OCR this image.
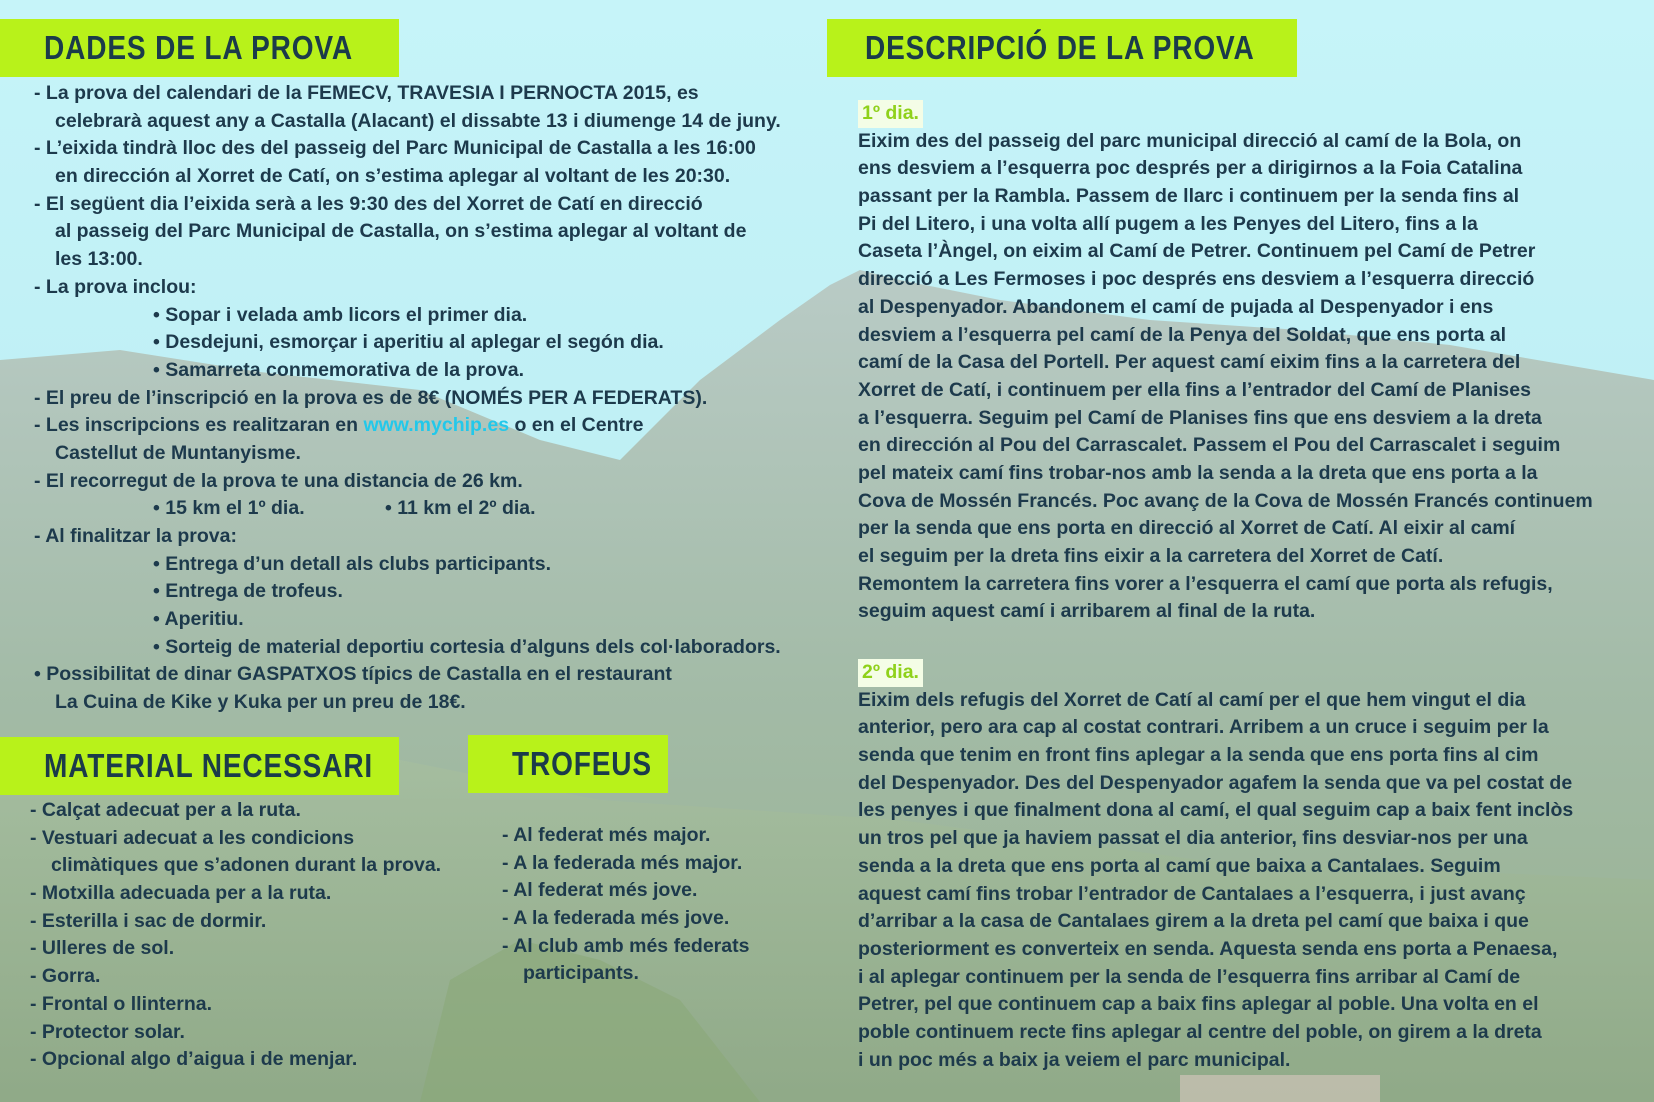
DADES DE LA PROVA
- La prova del calendari de la FEMECV, TRAVESIA I PERNOCTA 2015, es
celebrarà aquest any a Castalla (Alacant) el dissabte 13 i diumenge 14 de juny.
- L’eixida tindrà lloc des del passeig del Parc Municipal de Castalla a les 16:00
en dirección al Xorret de Catí, on s’estima aplegar al voltant de les 20:30.
- El següent dia l’eixida serà a les 9:30 des del Xorret de Catí en direcció
al passeig del Parc Municipal de Castalla, on s’estima aplegar al voltant de
les 13:00.
- La prova inclou:
• Sopar i velada amb licors el primer dia.
• Desdejuni, esmorçar i aperitiu al aplegar el segón dia.
• Samarreta conmemorativa de la prova.
- El preu de l’inscripció en la prova es de 8€ (NOMÉS PER A FEDERATS).
- Les inscripcions es realitzaran en www.mychip.es o en el Centre
Castellut de Muntanyisme.
- El recorregut de la prova te una distancia de 26 km.
• 15 km el 1º dia.	• 11 km el 2º dia.
- Al finalitzar la prova:
• Entrega d’un detall als clubs participants.
• Entrega de trofeus.
• Aperitiu.
• Sorteig de material deportiu cortesia d’alguns dels col·laboradors.
• Possibilitat de dinar GASPATXOS típics de Castalla en el restaurant
La Cuina de Kike y Kuka per un preu de 18€.
MATERIAL NECESSARI
- Calçat adecuat per a la ruta.
- Vestuari adecuat a les condicions
climàtiques que s’adonen durant la prova.
- Motxilla adecuada per a la ruta.
- Esterilla i sac de dormir.
- Ulleres de sol.
- Gorra.
- Frontal o llinterna.
- Protector solar.
- Opcional algo d’aigua i de menjar.
TROFEUS
- Al federat més major.
- A la federada més major.
- Al federat més jove.
- A la federada més jove.
- Al club amb més federats
participants.
DESCRIPCIÓ DE LA PROVA
1º dia.
Eixim des del passeig del parc municipal direcció al camí de la Bola, on
ens desviem a l’esquerra poc després per a dirigirnos a la Foia Catalina
passant per la Rambla. Passem de llarc i continuem per la senda fins al
Pi del Litero, i una volta allí pugem a les Penyes del Litero, fins a la
Caseta l’Àngel, on eixim al Camí de Petrer. Continuem pel Camí de Petrer
direcció a Les Fermoses i poc després ens desviem a l’esquerra direcció
al Despenyador. Abandonem el camí de pujada al Despenyador i ens
desviem a l’esquerra pel camí de la Penya del Soldat, que ens porta al
camí de la Casa del Portell. Per aquest camí eixim fins a la carretera del
Xorret de Catí, i continuem per ella fins a l’entrador del Camí de Planises
a l’esquerra. Seguim pel Camí de Planises fins que ens desviem a la dreta
en dirección al Pou del Carrascalet. Passem el Pou del Carrascalet i seguim
pel mateix camí fins trobar-nos amb la senda a la dreta que ens porta a la
Cova de Mossén Francés. Poc avanç de la Cova de Mossén Francés continuem
per la senda que ens porta en direcció al Xorret de Catí. Al eixir al camí
el seguim per la dreta fins eixir a la carretera del Xorret de Catí.
Remontem la carretera fins vorer a l’esquerra el camí que porta als refugis,
seguim aquest camí i arribarem al final de la ruta.
2º dia.
Eixim dels refugis del Xorret de Catí al camí per el que hem vingut el dia
anterior, pero ara cap al costat contrari. Arribem a un cruce i seguim per la
senda que tenim en front fins aplegar a la senda que ens porta fins al cim
del Despenyador. Des del Despenyador agafem la senda que va pel costat de
les penyes i que finalment dona al camí, el qual seguim cap a baix fent inclòs
un tros pel que ja haviem passat el dia anterior, fins desviar-nos per una
senda a la dreta que ens porta al camí que baixa a Cantalaes. Seguim
aquest camí fins trobar l’entrador de Cantalaes a l’esquerra, i just avanç
d’arribar a la casa de Cantalaes girem a la dreta pel camí que baixa i que
posteriorment es converteix en senda. Aquesta senda ens porta a Penaesa,
i al aplegar continuem per la senda de l’esquerra fins arribar al Camí de
Petrer, pel que continuem cap a baix fins aplegar al poble. Una volta en el
poble continuem recte fins aplegar al centre del poble, on girem a la dreta
i un poc més a baix ja veiem el parc municipal.
